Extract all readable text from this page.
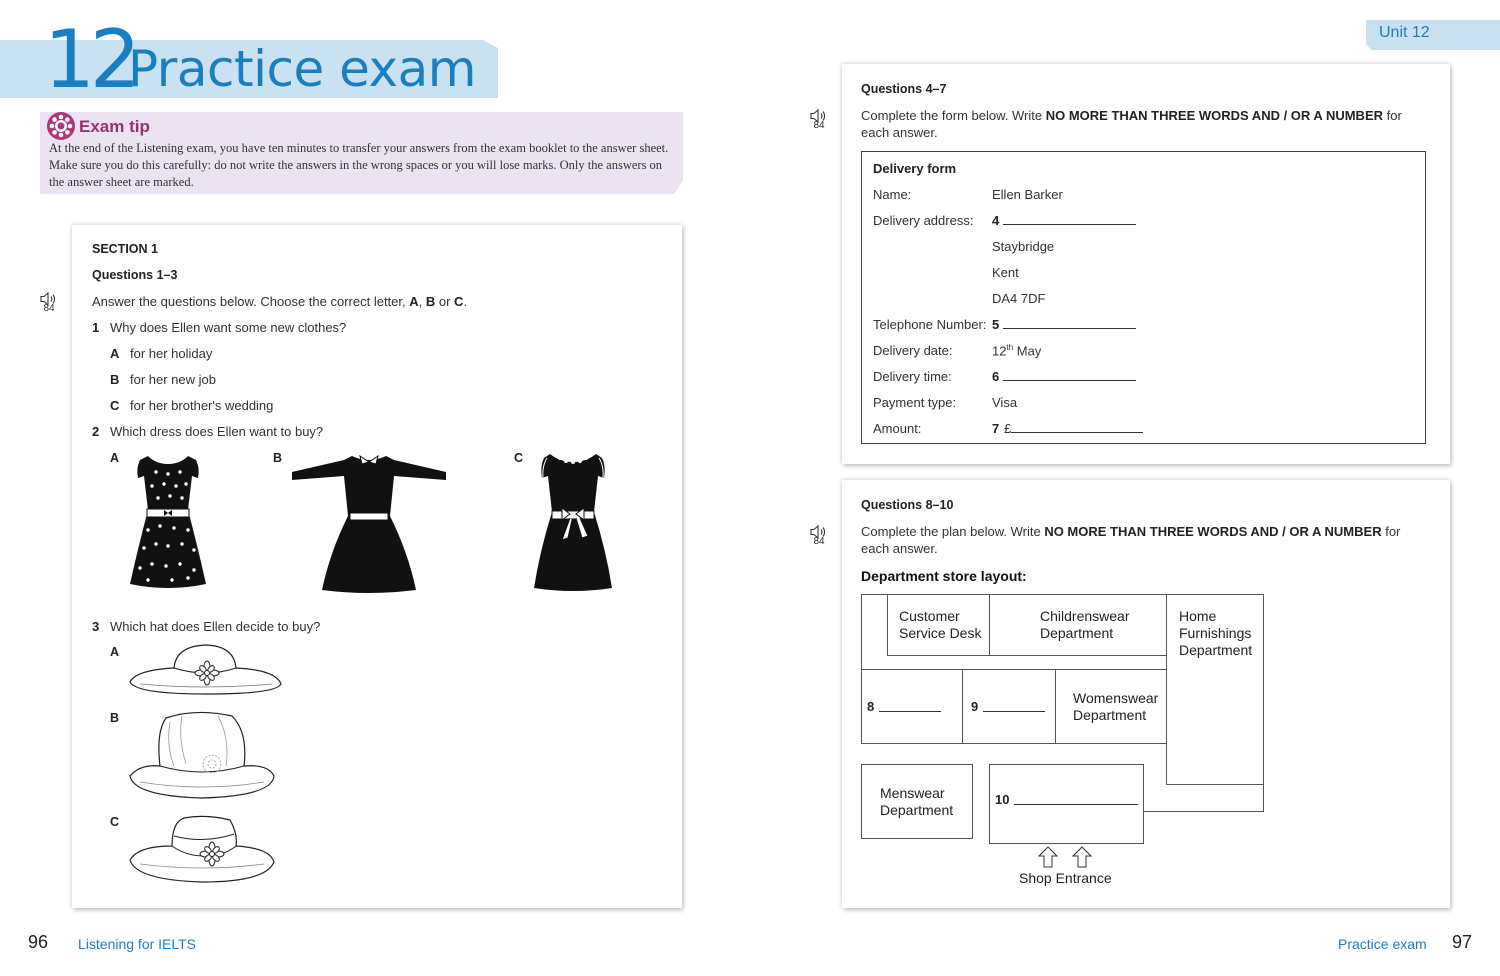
12
Practice exam
Exam tip
At the end of the Listening exam, you have ten minutes to transfer your answers from the exam booklet to the answer sheet. Make sure you do this carefully: do not write the answers in the wrong spaces or you will lose marks. Only the answers on the answer sheet are marked.
Unit 12
SECTION 1
Questions 1–3
84	Answer the questions below. Choose the correct letter, A, B or C.
1 Why does Ellen want some new clothes?
A for her holiday
B for her new job
C for her brother's wedding
2 Which dress does Ellen want to buy?
A	B	C
3 Which hat does Ellen decide to buy?
A
B
C
Questions 4–7
84
Complete the form below. Write NO MORE THAN THREE WORDS AND / OR A NUMBER for
each answer.
Delivery form
Name:	Ellen Barker
Delivery address: 4
Staybridge
Kent
DA4 7DF
Telephone Number: 5
Delivery date:	12th May
Delivery time:	6
Payment type:	Visa
Amount:	7 £
Questions 8–10
84
Complete the plan below. Write NO MORE THAN THREE WORDS AND / OR A NUMBER for
each answer.
Department store layout:
Customer
Service Desk
Childrenswear
Department
Home
Furnishings
Department
8	9
Womenswear
Department
Menswear
Department
10
Shop Entrance
96 Listening for IELTS	Practice exam 97
